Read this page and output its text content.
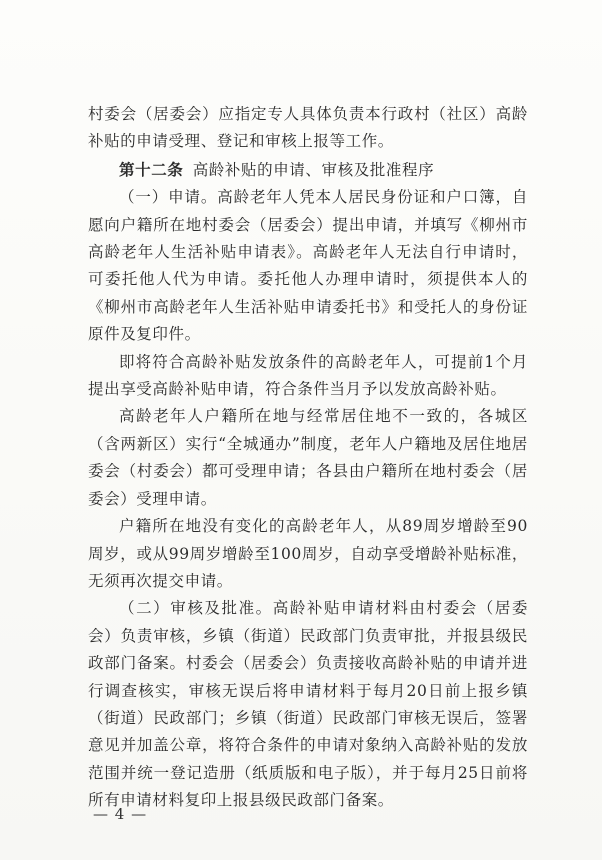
村委会（居委会）应指定专人具体负责本行政村（社区）高龄补贴的申请受理、登记和审核上报等工作。

第十二条 高龄补贴的申请、审核及批准程序

（一）申请。高龄老年人凭本人居民身份证和户口簿，自愿向户籍所在地村委会（居委会）提出申请，并填写《柳州市高龄老年人生活补贴申请表》。高龄老年人无法自行申请时，可委托他人代为申请。委托他人办理申请时，须提供本人的《柳州市高龄老年人生活补贴申请委托书》和受托人的身份证原件及复印件。

即将符合高龄补贴发放条件的高龄老年人，可提前1个月提出享受高龄补贴申请，符合条件当月予以发放高龄补贴。

高龄老年人户籍所在地与经常居住地不一致的，各城区（含两新区）实行“全城通办”制度，老年人户籍地及居住地居委会（村委会）都可受理申请；各县由户籍所在地村委会（居委会）受理申请。

户籍所在地没有变化的高龄老年人，从89周岁增龄至90周岁，或从99周岁增龄至100周岁，自动享受增龄补贴标准，无须再次提交申请。

（二）审核及批准。高龄补贴申请材料由村委会（居委会）负责审核，乡镇（街道）民政部门负责审批，并报县级民政部门备案。村委会（居委会）负责接收高龄补贴的申请并进行调查核实，审核无误后将申请材料于每月20日前上报乡镇（街道）民政部门；乡镇（街道）民政部门审核无误后，签署意见并加盖公章，将符合条件的申请对象纳入高龄补贴的发放范围并统一登记造册（纸质版和电子版），并于每月25日前将所有申请材料复印上报县级民政部门备案。

— 4 —
